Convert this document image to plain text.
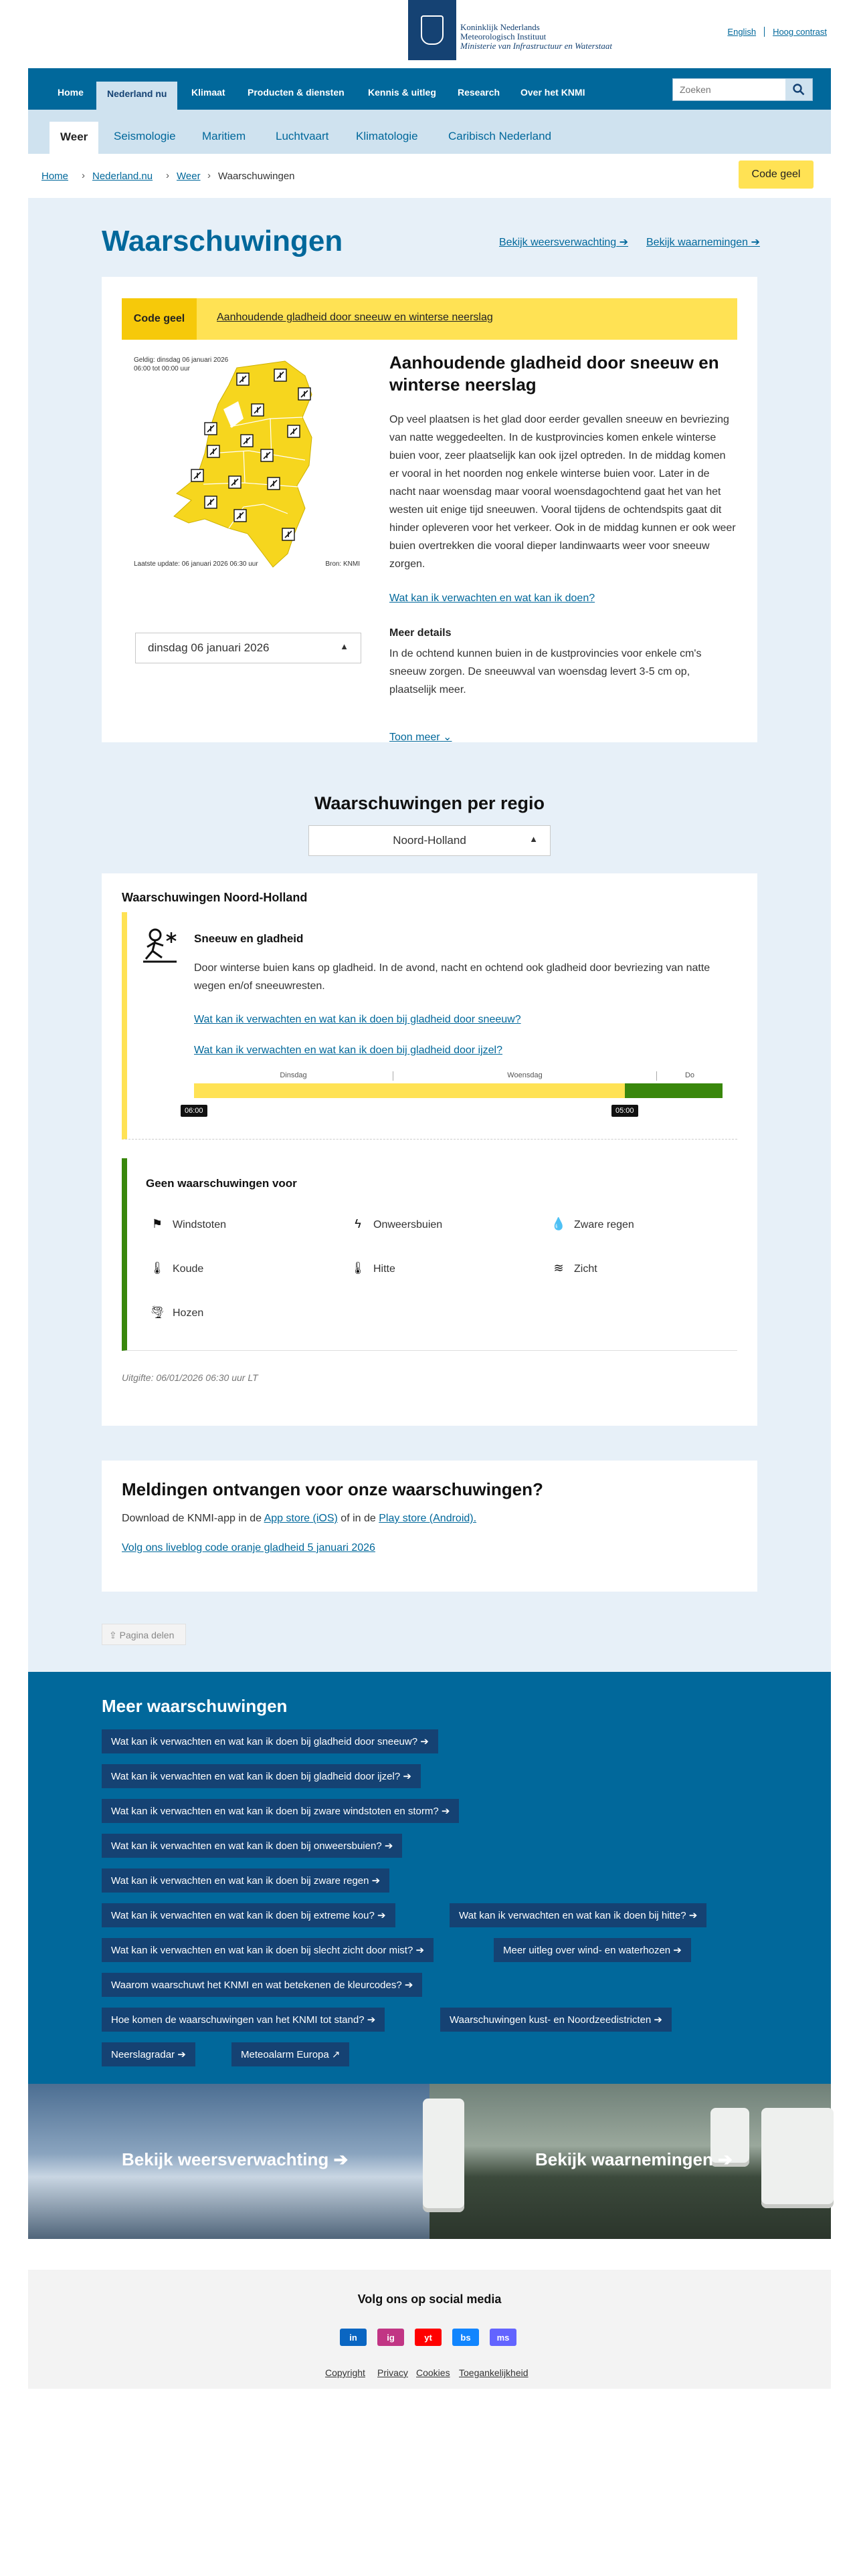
Koninklijk Nederlands
Meteorologisch Instituut
Ministerie van Infrastructuur en Waterstaat
English Hoog contrast
Home	Nederland nu	Klimaat Producten & diensten	Kennis & uitleg Research Over het KNMI
Zoeken
Weer	Seismologie Maritiem	Luchtvaart Klimatologie	Caribisch Nederland
Home › Nederland.nu › Weer › Waarschuwingen	Code geel
Waarschuwingen	Bekijk weersverwachting ➔ Bekijk waarnemingen ➔
Code geel	Aanhoudende gladheid door sneeuw en winterse neerslag
Geldig: dinsdag 06 januari 2026
06:00 tot 00:00 uur
Laatste update: 06 januari 2026 06:30 uur	Bron: KNMI
dinsdag 06 januari 2026	▲

Aanhoudende gladheid door sneeuw en winterse neerslag

Op veel plaatsen is het glad door eerder gevallen sneeuw en bevriezing van natte weggedeelten. In de kustprovincies komen enkele winterse buien voor, zeer plaatselijk kan ook ijzel optreden. In de middag komen er vooral in het noorden nog enkele winterse buien voor. Later in de nacht naar woensdag maar vooral woensdagochtend gaat het van het westen uit enige tijd sneeuwen. Vooral tijdens de ochtendspits gaat dit hinder opleveren voor het verkeer. Ook in de middag kunnen er ook weer buien overtrekken die vooral dieper landinwaarts weer voor sneeuw zorgen.

Wat kan ik verwachten en wat kan ik doen?
Meer details

In de ochtend kunnen buien in de kustprovincies voor enkele cm's sneeuw zorgen. De sneeuwval van woensdag levert 3-5 cm op, plaatselijk meer.

Toon meer ⌄
Waarschuwingen per regio
Noord-Holland	▲

Waarschuwingen Noord-Holland
Sneeuw en gladheid

Door winterse buien kans op gladheid. In de avond, nacht en ochtend ook gladheid door bevriezing van natte wegen en/of sneeuwresten.

Wat kan ik verwachten en wat kan ik doen bij gladheid door sneeuw?
Wat kan ik verwachten en wat kan ik doen bij gladheid door ijzel?
Dinsdag	Woensdag	Do
06:00	05:00
Geen waarschuwingen voor
⚑ Windstoten	ϟ Onweersbuien	💧 Zware regen
🌡 Koude	🌡 Hitte	≋ Zicht
🌪 Hozen
Uitgifte: 06/01/2026 06:30 uur LT
Meldingen ontvangen voor onze waarschuwingen?

Download de KNMI-app in de App store (iOS) of in de Play store (Android).

Volg ons liveblog code oranje gladheid 5 januari 2026
⇪ Pagina delen
Meer waarschuwingen
Wat kan ik verwachten en wat kan ik doen bij gladheid door sneeuw? ➔
Wat kan ik verwachten en wat kan ik doen bij gladheid door ijzel? ➔
Wat kan ik verwachten en wat kan ik doen bij zware windstoten en storm? ➔
Wat kan ik verwachten en wat kan ik doen bij onweersbuien? ➔
Wat kan ik verwachten en wat kan ik doen bij zware regen ➔
Wat kan ik verwachten en wat kan ik doen bij extreme kou? ➔	Wat kan ik verwachten en wat kan ik doen bij hitte? ➔
Wat kan ik verwachten en wat kan ik doen bij slecht zicht door mist? ➔	Meer uitleg over wind- en waterhozen ➔
Waarom waarschuwt het KNMI en wat betekenen de kleurcodes? ➔
Hoe komen de waarschuwingen van het KNMI tot stand? ➔	Waarschuwingen kust- en Noordzeedistricten ➔
Neerslagradar ➔	Meteoalarm Europa ↗
Bekijk weersverwachting ➔	Bekijk waarnemingen ➔
Volg ons op social media
in	ig	yt	bs	ms
Copyright Privacy Cookies Toegankelijkheid
